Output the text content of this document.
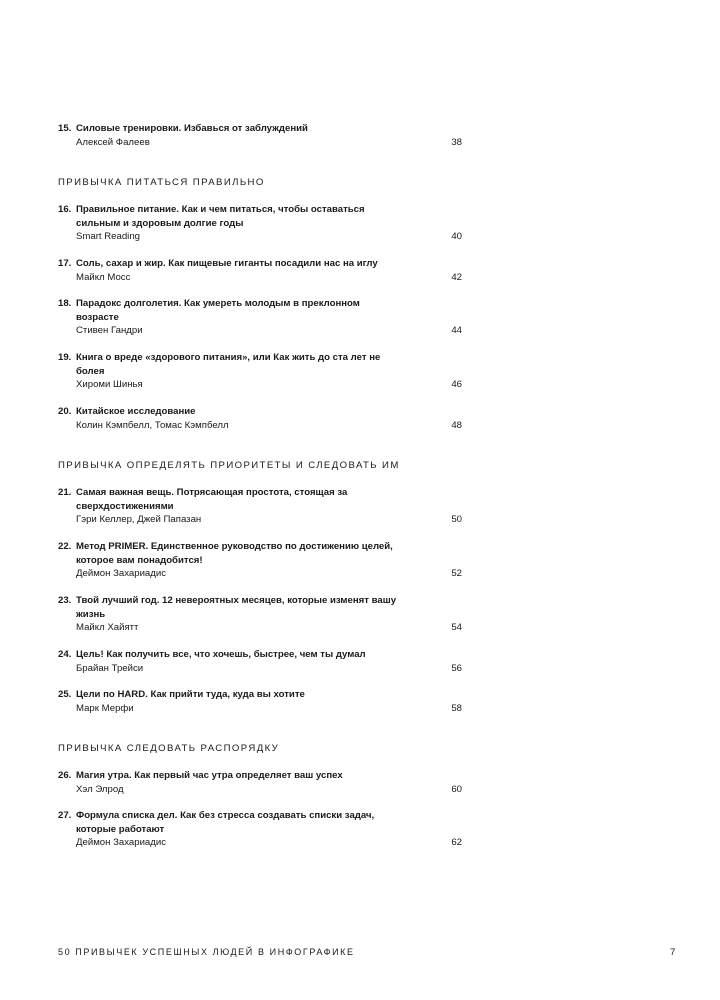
15. Силовые тренировки. Избавься от заблуждений
Алексей Фалеев	38
ПРИВЫЧКА ПИТАТЬСЯ ПРАВИЛЬНО
16. Правильное питание. Как и чем питаться, чтобы оставаться сильным и здоровым долгие годы
Smart Reading	40
17. Соль, сахар и жир. Как пищевые гиганты посадили нас на иглу
Майкл Мосс	42
18. Парадокс долголетия. Как умереть молодым в преклонном возрасте
Стивен Гандри	44
19. Книга о вреде «здорового питания», или Как жить до ста лет не болея
Хироми Шинья	46
20. Китайское исследование
Колин Кэмпбелл, Томас Кэмпбелл	48
ПРИВЫЧКА ОПРЕДЕЛЯТЬ ПРИОРИТЕТЫ И СЛЕДОВАТЬ ИМ
21. Самая важная вещь. Потрясающая простота, стоящая за сверхдостижениями
Гэри Келлер, Джей Папазан	50
22. Метод PRIMER. Единственное руководство по достижению целей, которое вам понадобится!
Деймон Захариадис	52
23. Твой лучший год. 12 невероятных месяцев, которые изменят вашу жизнь
Майкл Хайятт	54
24. Цель! Как получить все, что хочешь, быстрее, чем ты думал
Брайан Трейси	56
25. Цели по HARD. Как прийти туда, куда вы хотите
Марк Мерфи	58
ПРИВЫЧКА СЛЕДОВАТЬ РАСПОРЯДКУ
26. Магия утра. Как первый час утра определяет ваш успех
Хэл Элрод	60
27. Формула списка дел. Как без стресса создавать списки задач, которые работают
Деймон Захариадис	62
50 ПРИВЫЧЕК УСПЕШНЫХ ЛЮДЕЙ В ИНФОГРАФИКЕ	7
